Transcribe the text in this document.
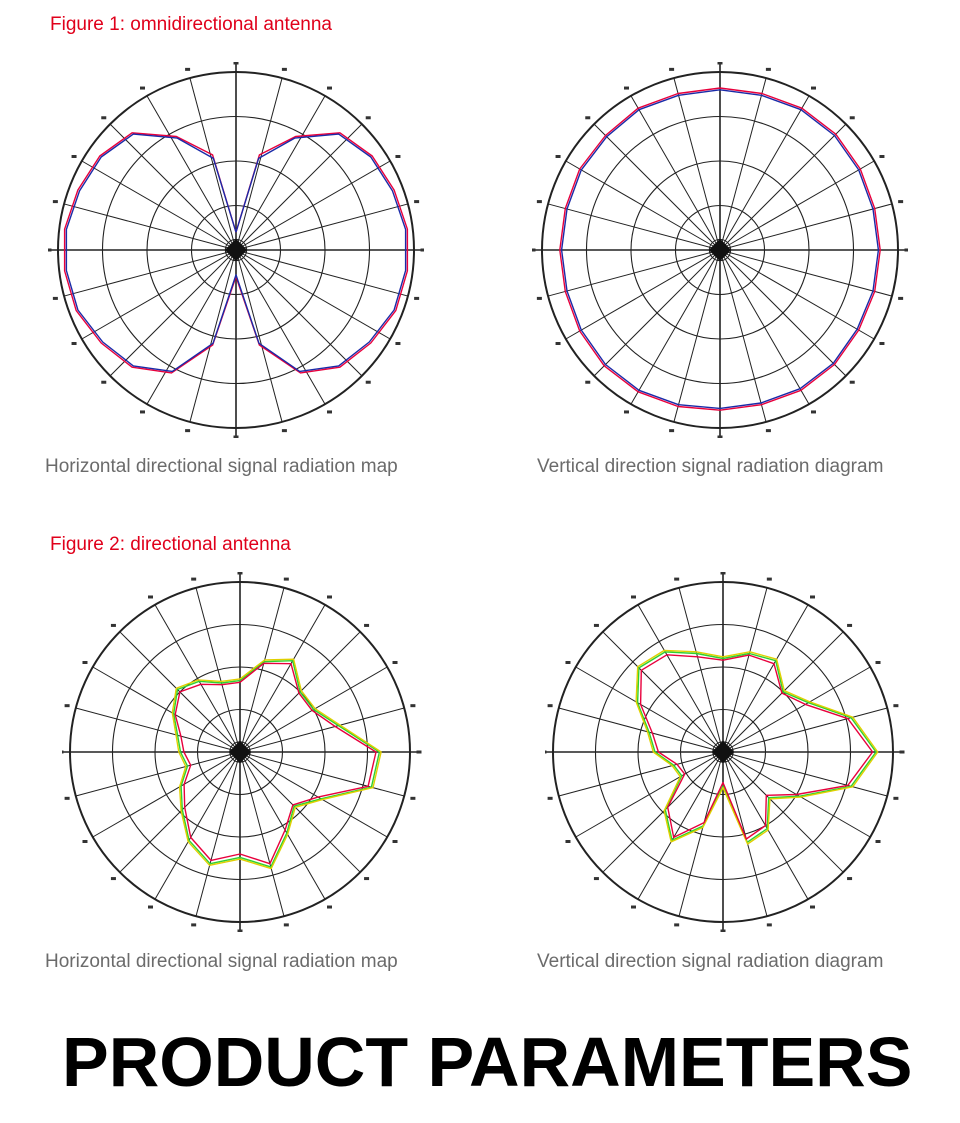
Figure 1: omnidirectional antenna
Horizontal directional signal radiation map	Vertical direction signal radiation diagram
Figure 2: directional antenna
Horizontal directional signal radiation map	Vertical direction signal radiation diagram
PRODUCT PARAMETERS
